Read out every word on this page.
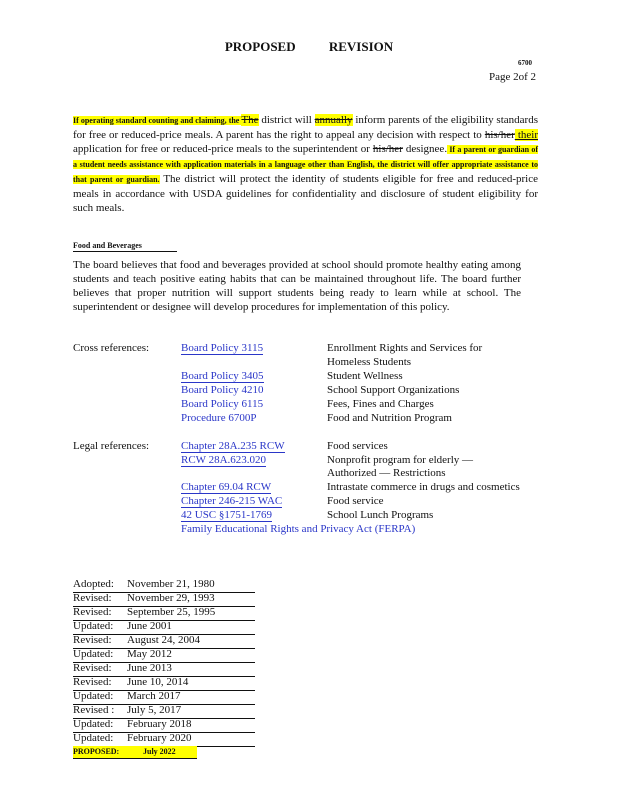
PROPOSED REVISION
6700
Page 2of 2
If operating standard counting and claiming, the The district will annually inform parents of the eligibility standards for free or reduced-price meals. A parent has the right to appeal any decision with respect to his/her their application for free or reduced-price meals to the superintendent or his/her designee. If a parent or guardian of a student needs assistance with application materials in a language other than English, the district will offer appropriate assistance to that parent or guardian. The district will protect the identity of students eligible for free and reduced-price meals in accordance with USDA guidelines for confidentiality and disclosure of student eligibility for such meals.
Food and Beverages
The board believes that food and beverages provided at school should promote healthy eating among students and teach positive eating habits that can be maintained throughout life. The board further believes that proper nutrition will support students being ready to learn while at school. The superintendent or designee will develop procedures for implementation of this policy.
Cross references:	Board Policy 3115	Enrollment Rights and Services for
Homeless Students
Board Policy 3405	Student Wellness
Board Policy 4210	School Support Organizations
Board Policy 6115	Fees, Fines and Charges
Procedure 6700P	Food and Nutrition Program
Legal references:	Chapter 28A.235 RCW	Food services
RCW 28A.623.020	Nonprofit program for elderly —
Authorized — Restrictions
Chapter 69.04 RCW	Intrastate commerce in drugs and cosmetics
Chapter 246-215 WAC	Food service
42 USC §1751-1769	School Lunch Programs
Family Educational Rights and Privacy Act (FERPA)
Adopted: November 21, 1980
Revised: November 29, 1993
Revised: September 25, 1995
Updated: June 2001
Revised: August 24, 2004
Updated: May 2012
Revised: June 2013
Revised: June 10, 2014
Updated: March 2017
Revised : July 5, 2017
Updated: February 2018
Updated: February 2020
PROPOSED:	July 2022
